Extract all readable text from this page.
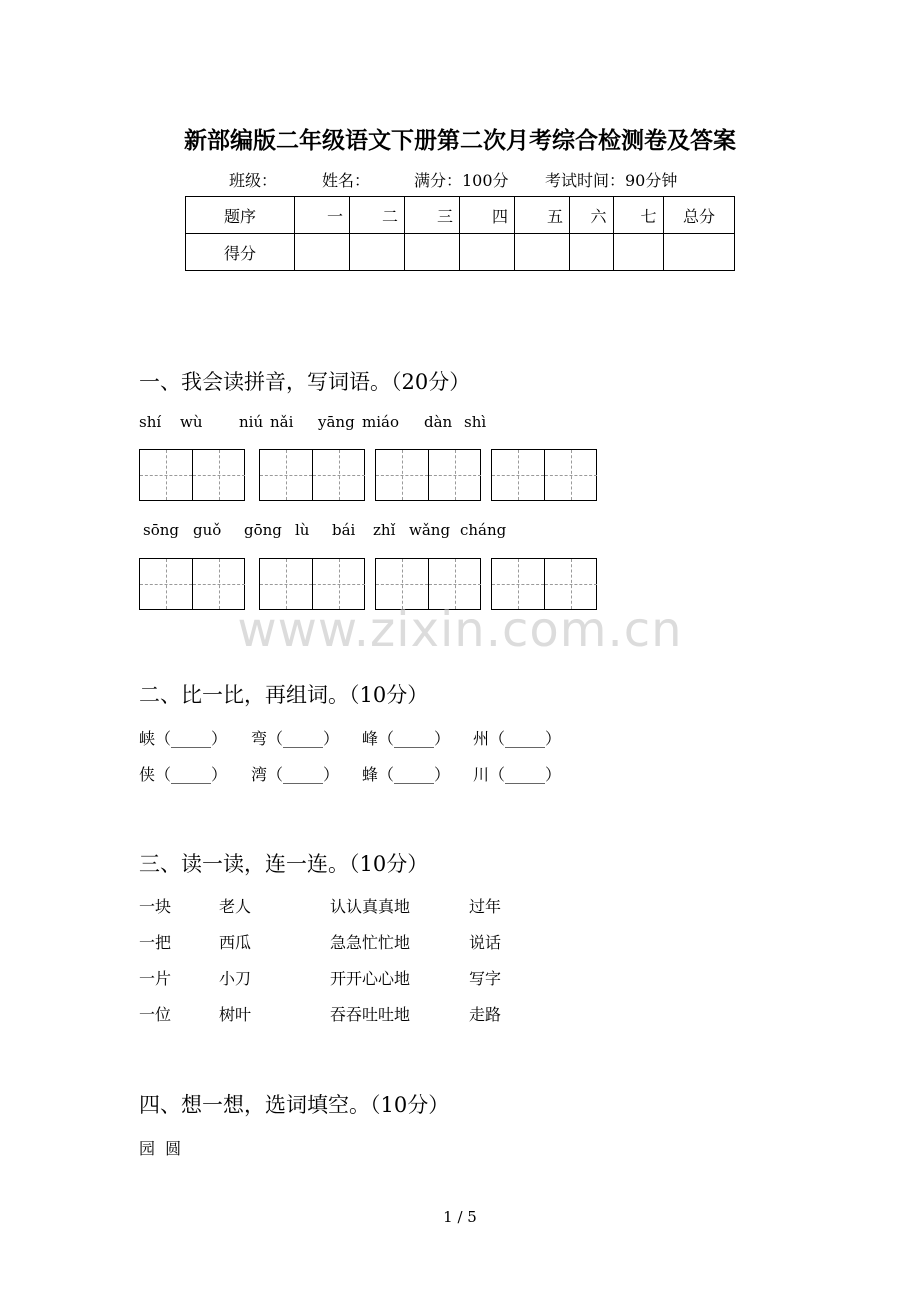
新部编版二年级语文下册第二次月考综合检测卷及答案
班级：	姓名：	满分：100分 考试时间：90分钟
题序	一	二	三	四	五	六	七	总分
得分								
一、我会读拼音，写词语。（20分）
shí wù niú nǎi yāng miáo dàn shì
sōng guǒ gōng lù bái zhǐ wǎng cháng
www.zixin.com.cn
二、比一比，再组词。（10分）
峡（_____） 弯（_____） 峰（_____） 州（_____）
侠（_____） 湾（_____） 蜂（_____） 川（_____）
三、读一读，连一连。（10分）
一块	老人	认认真真地	过年
一把	西瓜	急急忙忙地	说话
一片	小刀	开开心心地	写字
一位	树叶	吞吞吐吐地	走路
四、想一想，选词填空。（10分）
园  圆
1 / 5
